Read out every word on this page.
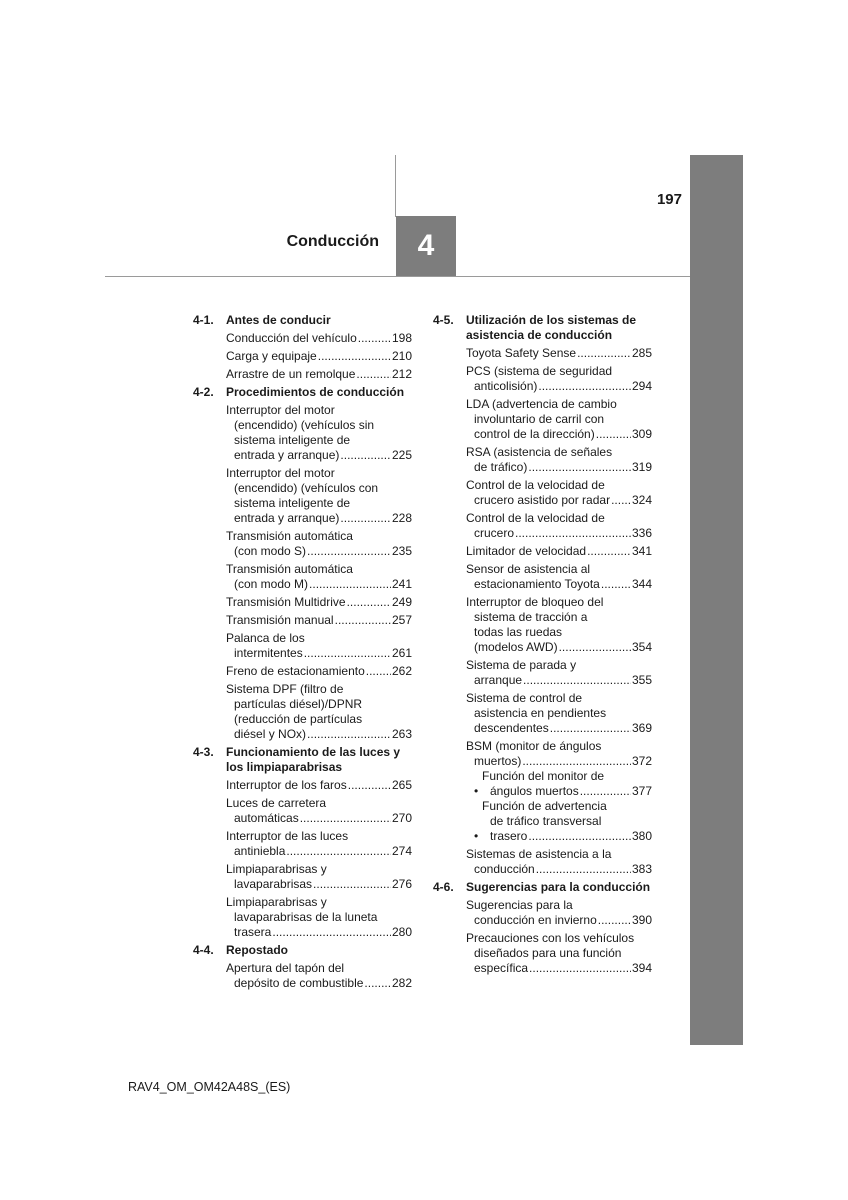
Conducción	4
197
4-1.	Antes de conducir
Conducción del vehículo .....	198
Carga y equipaje .....	210
Arrastre de un remolque .....	212
4-2.	Procedimientos de conducción
Interruptor del motor
(encendido) (vehículos sin
sistema inteligente de
entrada y arranque) .....	225
Interruptor del motor
(encendido) (vehículos con
sistema inteligente de
entrada y arranque) .....	228
Transmisión automática
(con modo S) .....	235
Transmisión automática
(con modo M) .....	241
Transmisión Multidrive .....	249
Transmisión manual .....	257
Palanca de los
intermitentes .....	261
Freno de estacionamiento ..... 262
Sistema DPF (filtro de
partículas diésel)/DPNR
(reducción de partículas
diésel y NOx) .....	263
4-3.	Funcionamiento de las luces y los limpiaparabrisas
Interruptor de los faros .....	265
Luces de carretera
automáticas .....	270
Interruptor de las luces
antiniebla .....	274
Limpiaparabrisas y
lavaparabrisas .....	276
Limpiaparabrisas y
lavaparabrisas de la luneta
trasera .....	280
4-4.	Repostado
Apertura del tapón del
depósito de combustible ..... 282
4-5.	Utilización de los sistemas de asistencia de conducción
Toyota Safety Sense .....	285
PCS (sistema de seguridad
anticolisión) .....	294
LDA (advertencia de cambio
involuntario de carril con
control de la dirección) .....	309
RSA (asistencia de señales
de tráfico) .....	319
Control de la velocidad de
crucero asistido por radar ..... 324
Control de la velocidad de
crucero .....	336
Limitador de velocidad .....	341
Sensor de asistencia al
estacionamiento Toyota .....	344
Interruptor de bloqueo del
sistema de tracción a
todas las ruedas
(modelos AWD) .....	354
Sistema de parada y
arranque .....	355
Sistema de control de
asistencia en pendientes
descendentes .....	369
BSM (monitor de ángulos
muertos) .....	372
•
Función del monitor de
ángulos muertos .....	377
•
Función de advertencia
de tráfico transversal
trasero .....	380
Sistemas de asistencia a la
conducción .....	383
4-6.	Sugerencias para la conducción
Sugerencias para la
conducción en invierno .....	390
Precauciones con los vehículos
diseñados para una función
específica .....	394
RAV4_OM_OM42A48S_(ES)
